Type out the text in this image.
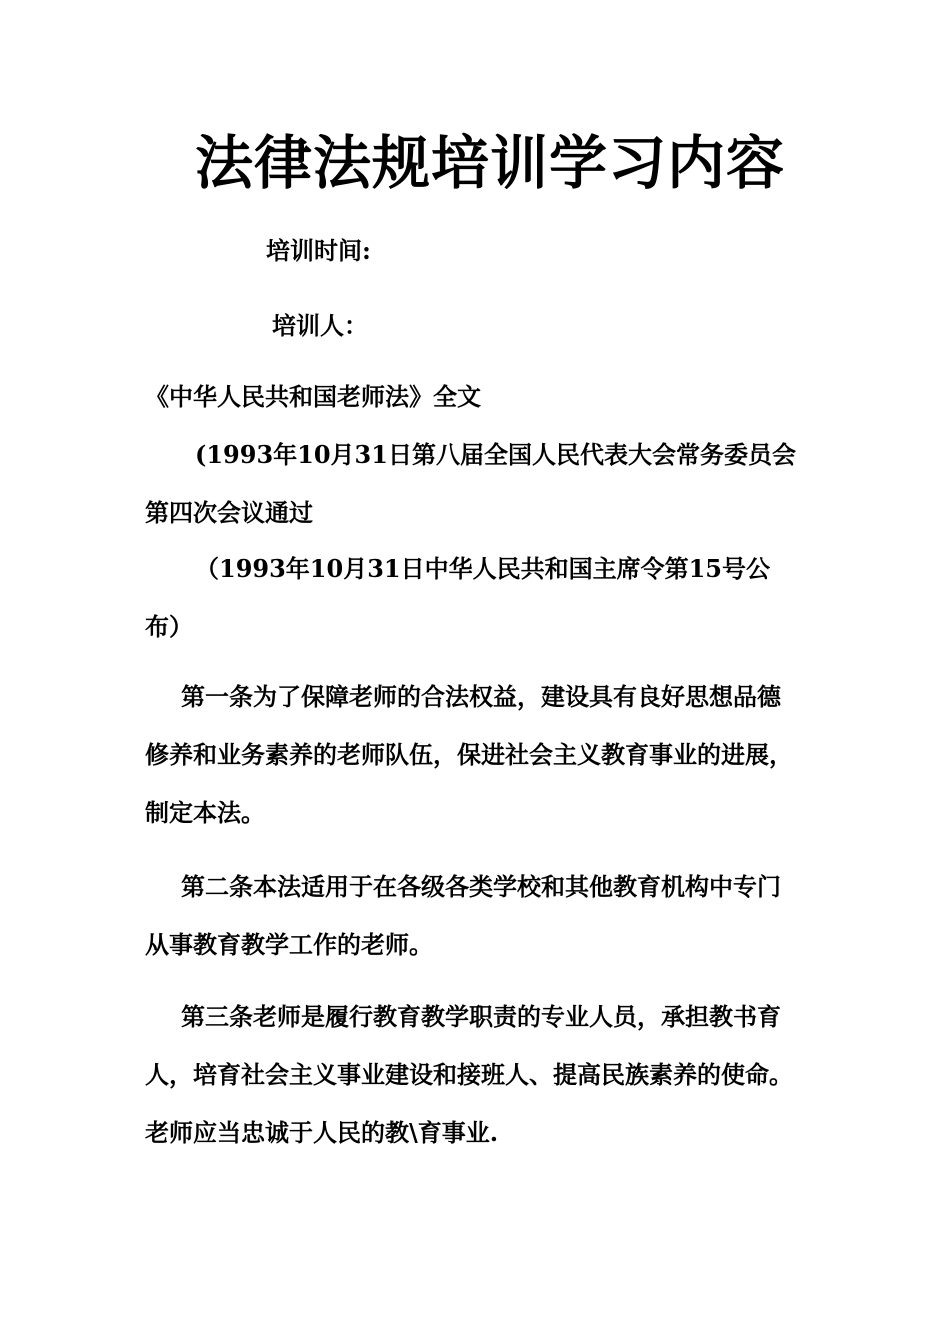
法律法规培训学习内容
培训时间:
培训人：
《中华人民共和国老师法》全文
(1993年10月31日第八届全国人民代表大会常务委员会第四次会议通过
（1993年10月31日中华人民共和国主席令第15号公布）
第一条为了保障老师的合法权益，建设具有良好思想品德修养和业务素养的老师队伍，保进社会主义教育事业的进展，制定本法。
第二条本法适用于在各级各类学校和其他教育机构中专门从事教育教学工作的老师。
第三条老师是履行教育教学职责的专业人员，承担教书育人，培育社会主义事业建设和接班人、提高民族素养的使命。老师应当忠诚于人民的教\育事业.
